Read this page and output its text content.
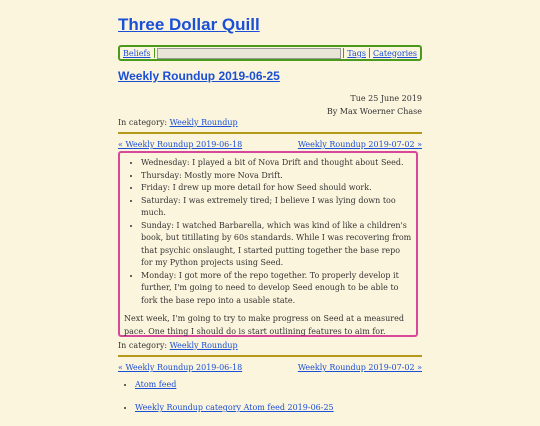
Three Dollar Quill
Beliefs	Tags Categories
Weekly Roundup 2019-06-25
Tue 25 June 2019
By Max Woerner Chase
In category: Weekly Roundup
« Weekly Roundup 2019-06-18	Weekly Roundup 2019-07-02 »
• Wednesday: I played a bit of Nova Drift and thought about Seed.
• Thursday: Mostly more Nova Drift.
• Friday: I drew up more detail for how Seed should work.
• Saturday: I was extremely tired; I believe I was lying down too much.
• Sunday: I watched Barbarella, which was kind of like a children's book, but titillating by 60s standards. While I was recovering from that psychic onslaught, I started putting together the base repo for my Python projects using Seed.
• Monday: I got more of the repo together. To properly develop it further, I'm going to need to develop Seed enough to be able to fork the base repo into a usable state.

Next week, I'm going to try to make progress on Seed at a measured pace. One thing I should do is start outlining features to aim for.

In category: Weekly Roundup
« Weekly Roundup 2019-06-18	Weekly Roundup 2019-07-02 »
• Atom feed
• Weekly Roundup category Atom feed 2019-06-25
